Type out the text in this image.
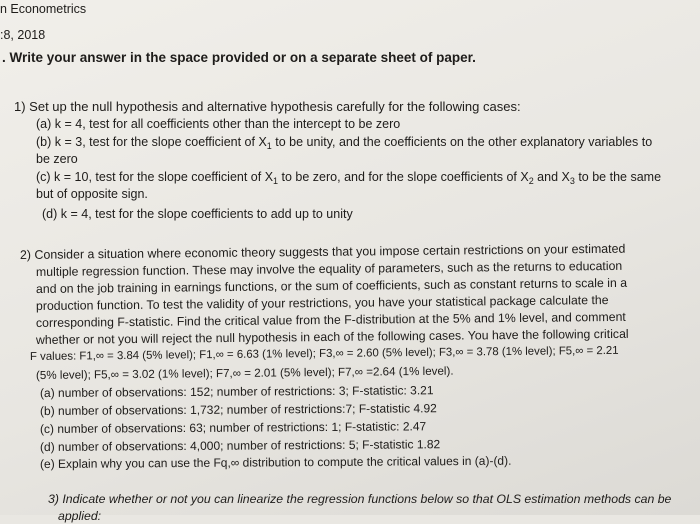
n Econometrics
:8, 2018
. Write your answer in the space provided or on a separate sheet of paper.
1) Set up the null hypothesis and alternative hypothesis carefully for the following cases:
(a) k = 4, test for all coefficients other than the intercept to be zero
(b) k = 3, test for the slope coefficient of $X_1$ to be unity, and the coefficients on the other explanatory variables to
be zero
(c) k = 10, test for the slope coefficient of $X_1$ to be zero, and for the slope coefficients of $X_2$ and $X_3$ to be the same
but of opposite sign.
(d) k = 4, test for the slope coefficients to add up to unity
2) Consider a situation where economic theory suggests that you impose certain restrictions on your estimated
multiple regression function. These may involve the equality of parameters, such as the returns to education
and on the job training in earnings functions, or the sum of coefficients, such as constant returns to scale in a
production function. To test the validity of your restrictions, you have your statistical package calculate the
corresponding F-statistic. Find the critical value from the F-distribution at the 5% and 1% level, and comment
whether or not you will reject the null hypothesis in each of the following cases. You have the following critical
F values: F1,∞ = 3.84 (5% level); F1,∞ = 6.63 (1% level); F3,∞ = 2.60 (5% level); F3,∞ = 3.78 (1% level); F5,∞ = 2.21
(5% level); F5,∞ = 3.02 (1% level); F7,∞ = 2.01 (5% level); F7,∞ =2.64 (1% level).
(a) number of observations: 152; number of restrictions: 3; F-statistic: 3.21
(b) number of observations: 1,732; number of restrictions:7; F-statistic 4.92
(c) number of observations: 63; number of restrictions: 1; F-statistic: 2.47
(d) number of observations: 4,000; number of restrictions: 5; F-statistic 1.82
(e) Explain why you can use the Fq,∞ distribution to compute the critical values in (a)-(d).
3) Indicate whether or not you can linearize the regression functions below so that OLS estimation methods can be
applied:
